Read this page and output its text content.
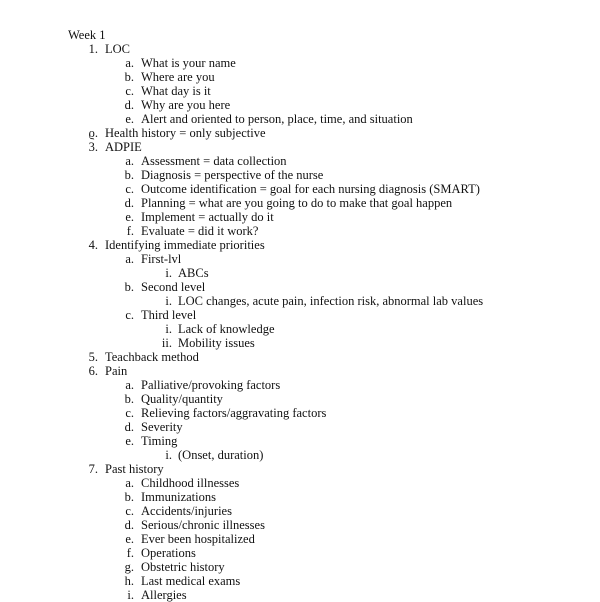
Week 1
1. LOC
a. What is your name
b. Where are you
c. What day is it
d. Why are you here
e. Alert and oriented to person, place, time, and situation
ϱ. Health history = only subjective
3. ADPIE
a. Assessment = data collection
b. Diagnosis = perspective of the nurse
c. Outcome identification = goal for each nursing diagnosis (SMART)
d. Planning = what are you going to do to make that goal happen
e. Implement = actually do it
f. Evaluate = did it work?
4. Identifying immediate priorities
a. First-lvl
i. ABCs
b. Second level
i. LOC changes, acute pain, infection risk, abnormal lab values
c. Third level
i. Lack of knowledge
ii. Mobility issues
5. Teachback method
6. Pain
a. Palliative/provoking factors
b. Quality/quantity
c. Relieving factors/aggravating factors
d. Severity
e. Timing
i. (Onset, duration)
7. Past history
a. Childhood illnesses
b. Immunizations
c. Accidents/injuries
d. Serious/chronic illnesses
e. Ever been hospitalized
f. Operations
g. Obstetric history
h. Last medical exams
i. Allergies
